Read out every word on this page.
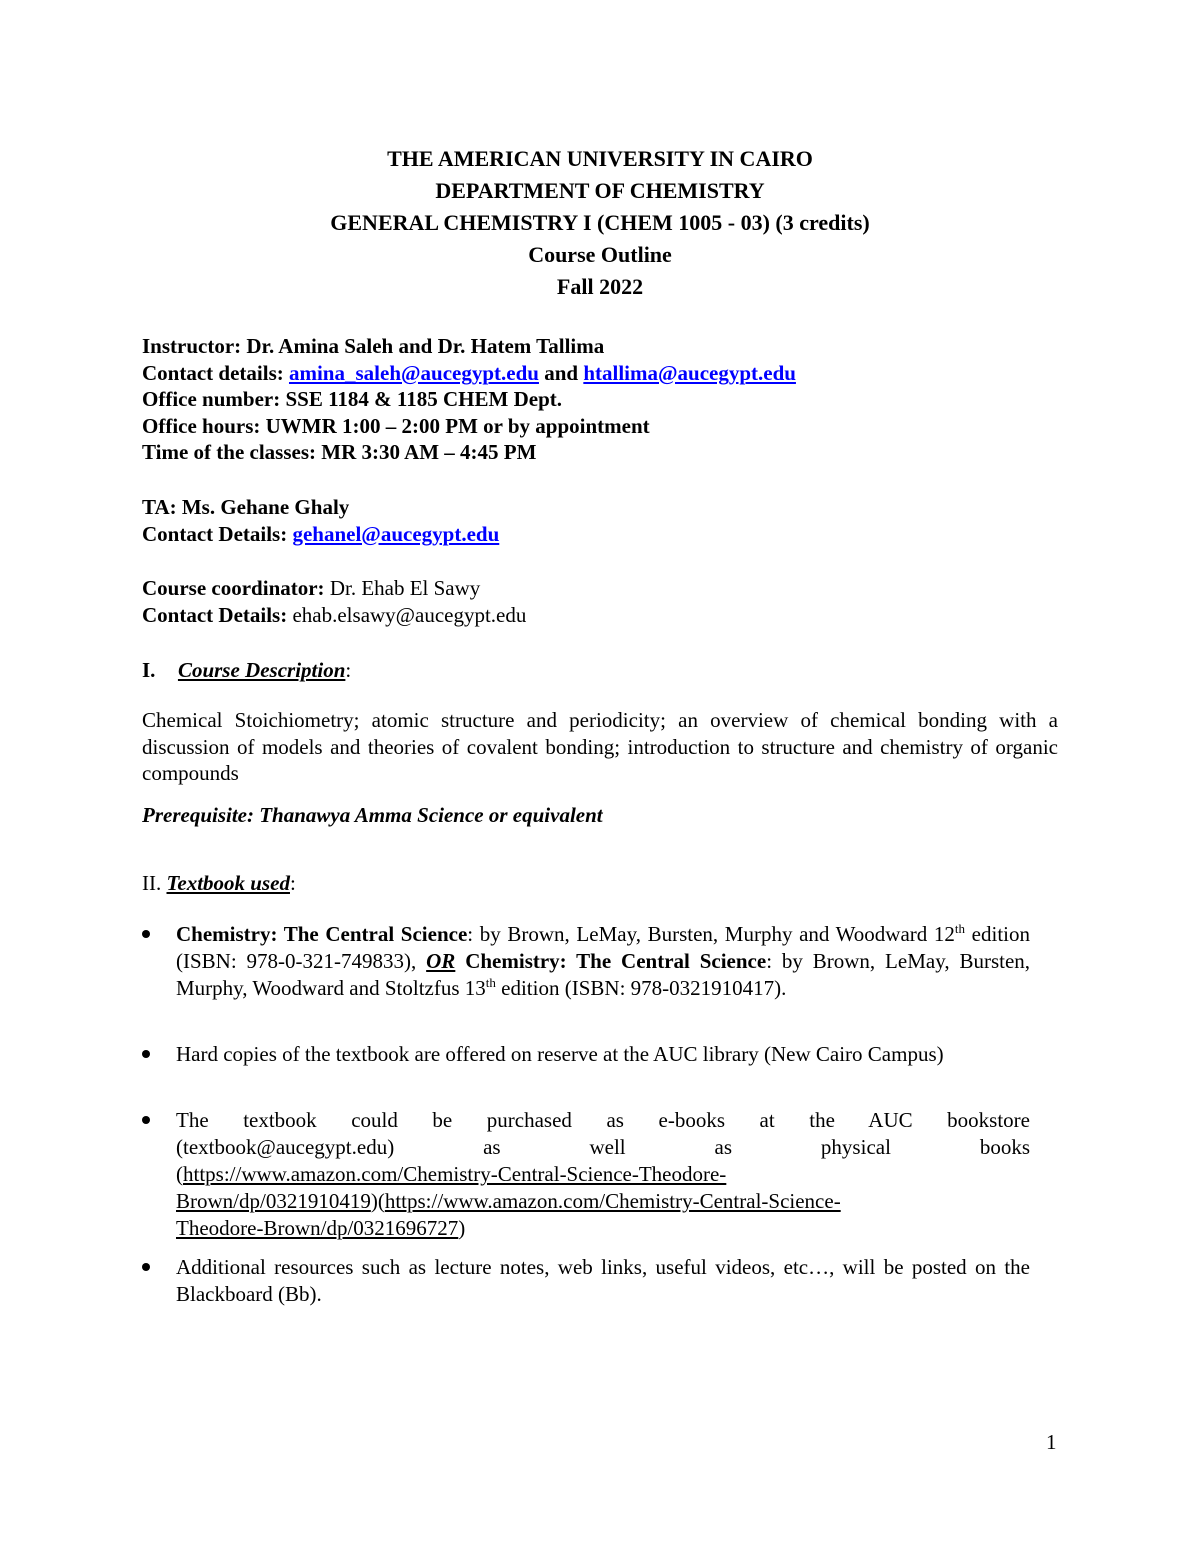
THE AMERICAN UNIVERSITY IN CAIRO
DEPARTMENT OF CHEMISTRY
GENERAL CHEMISTRY I (CHEM 1005 - 03) (3 credits)
Course Outline
Fall 2022
Instructor: Dr. Amina Saleh and Dr. Hatem Tallima
Contact details: amina_saleh@aucegypt.edu and htallima@aucegypt.edu
Office number: SSE 1184 & 1185 CHEM Dept.
Office hours: UWMR 1:00 – 2:00 PM or by appointment
Time of the classes: MR 3:30 AM – 4:45 PM
TA: Ms. Gehane Ghaly
Contact Details: gehanel@aucegypt.edu
Course coordinator: Dr. Ehab El Sawy
Contact Details: ehab.elsawy@aucegypt.edu
I. Course Description:
Chemical Stoichiometry; atomic structure and periodicity; an overview of chemical bonding with a discussion of models and theories of covalent bonding; introduction to structure and chemistry of organic compounds
Prerequisite: Thanawya Amma Science or equivalent
II. Textbook used:
Chemistry: The Central Science: by Brown, LeMay, Bursten, Murphy and Woodward 12th edition (ISBN: 978-0-321-749833), OR Chemistry: The Central Science: by Brown, LeMay, Bursten, Murphy, Woodward and Stoltzfus 13th edition (ISBN: 978-0321910417).
Hard copies of the textbook are offered on reserve at the AUC library (New Cairo Campus)
The textbook could be purchased as e-books at the AUC bookstore
(textbook@aucegypt.edu) as well as physical books
(https://www.amazon.com/Chemistry-Central-Science-Theodore-
Brown/dp/0321910419)(https://www.amazon.com/Chemistry-Central-Science-
Theodore-Brown/dp/0321696727)
Additional resources such as lecture notes, web links, useful videos, etc…, will be posted on the Blackboard (Bb).
1
